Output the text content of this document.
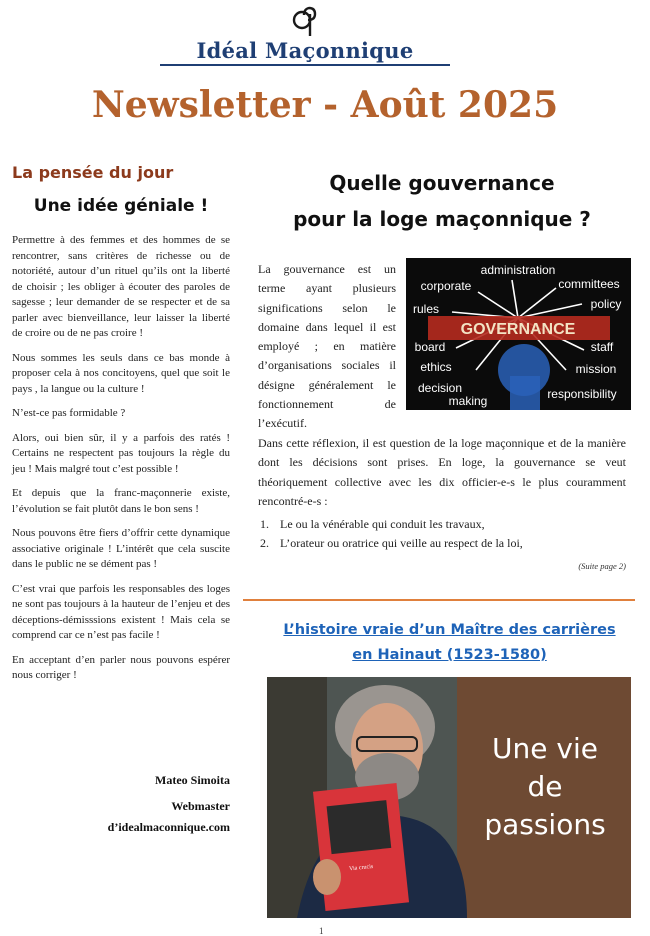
Idéal Maçonnique
Newsletter - Août 2025
La pensée du jour
Une idée géniale !

Permettre à des femmes et des hommes de se rencontrer, sans critères de richesse ou de notoriété, autour d’un rituel qu’ils ont la liberté de choisir ; les obliger à écouter des paroles de sagesse ; leur demander de se respecter et de sa parler avec bienveillance, leur laisser la liberté de croire ou de ne pas croire !

Nous sommes les seuls dans ce bas monde à proposer cela à nos concitoyens, quel que soit le pays , la langue ou la culture !

N’est-ce pas formidable ?

Alors, oui bien sûr, il y a parfois des ratés ! Certains ne respectent pas toujours la règle du jeu ! Mais malgré tout c’est possible !

Et depuis que la franc-maçonnerie existe, l’évolution se fait plutôt dans le bon sens !

Nous pouvons être fiers d’offrir cette dynamique associative originale ! L’intérêt que cela suscite dans le public ne se dément pas !

C’est vrai que parfois les responsables des loges ne sont pas toujours à la hauteur de l’enjeu et des déceptions-démisssions existent ! Mais cela se comprend car ce n’est pas facile !

En acceptant d’en parler nous pouvons espérer nous corriger !

Mateo Simoita
Webmaster
d’idealmaconnique.com
Quelle gouvernance
pour la loge maçonnique ?
La gouvernance est un terme ayant plusieurs significations selon le domaine dans lequel il est employé ; en matière d’organisations sociales il désigne généralement le fonctionnement de l’exécutif.
administration
corporate	committees
rules	policy
GOVERNANCE
board	staff
ethics	mission
decision	responsibility
making
Dans cette réflexion, il est question de la loge maçonnique et de la manière dont les décisions sont prises. En loge, la gouvernance se veut théoriquement collective avec les dix officier-e-s le plus couramment rencontré-e-s :
1. Le ou la vénérable qui conduit les travaux,
2. L’orateur ou oratrice qui veille au respect de la loi,
(Suite page 2)
L’histoire vraie d’un Maître des carrières
en Hainaut (1523-1580)
Via crucis
Une vie
de
passions
1
